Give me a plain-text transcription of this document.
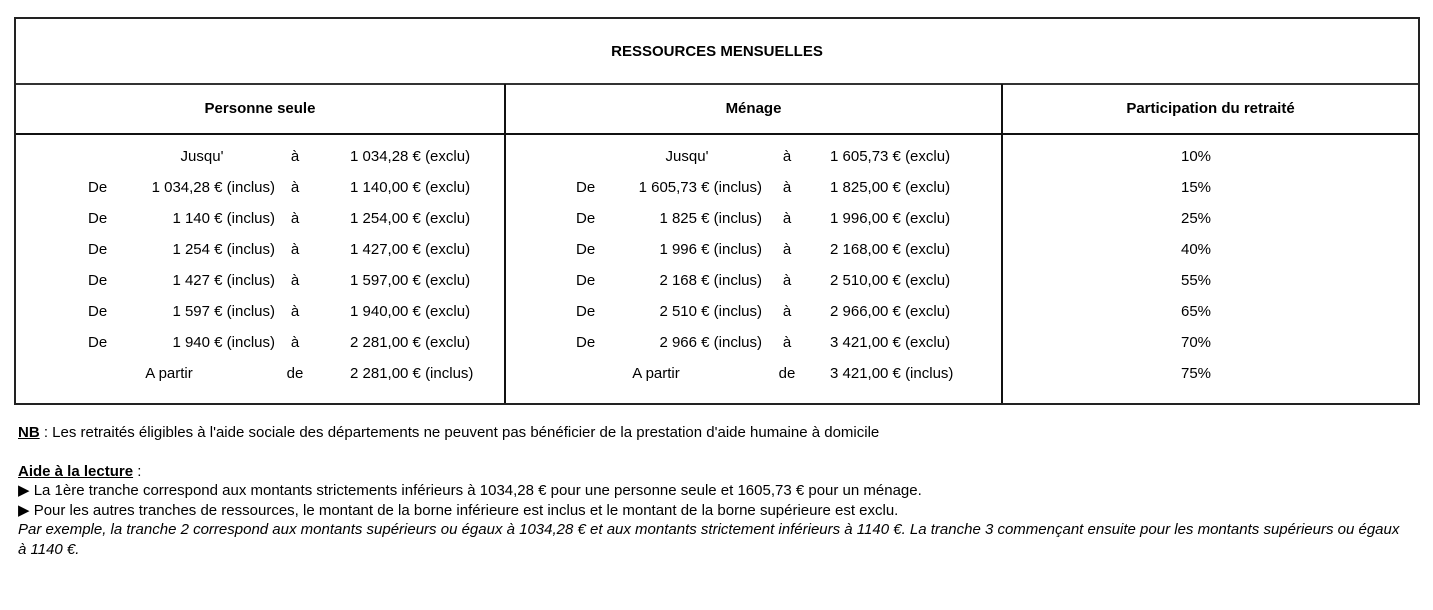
RESSOURCES MENSUELLES
Personne seule	Ménage	Participation du retraité
Jusqu'	à	1 034,28 € (exclu)	Jusqu'	à	1 605,73 € (exclu)	10%
De	1 034,28 € (inclus)	à	1 140,00 € (exclu)	De	1 605,73 € (inclus)	à	1 825,00 € (exclu)	15%
De	1 140 € (inclus)	à	1 254,00 € (exclu)	De	1 825 € (inclus)	à	1 996,00 € (exclu)	25%
De	1 254 € (inclus)	à	1 427,00 € (exclu)	De	1 996 € (inclus)	à	2 168,00 € (exclu)	40%
De	1 427 € (inclus)	à	1 597,00 € (exclu)	De	2 168 € (inclus)	à	2 510,00 € (exclu)	55%
De	1 597 € (inclus)	à	1 940,00 € (exclu)	De	2 510 € (inclus)	à	2 966,00 € (exclu)	65%
De	1 940 € (inclus)	à	2 281,00 € (exclu)	De	2 966 € (inclus)	à	3 421,00 € (exclu)	70%
A partir	de	2 281,00 € (inclus)	A partir	de	3 421,00 € (inclus)	75%

NB : Les retraités éligibles à l'aide sociale des départements ne peuvent pas bénéficier de la prestation d'aide humaine à domicile

Aide à la lecture :

▶ La 1ère tranche correspond aux montants strictements inférieurs à 1034,28 € pour une personne seule et 1605,73 € pour un ménage.

▶ Pour les autres tranches de ressources, le montant de la borne inférieure est inclus et le montant de la borne supérieure est exclu.

Par exemple, la tranche 2 correspond aux montants supérieurs ou égaux à 1034,28 € et aux montants strictement inférieurs à 1140 €. La tranche 3 commençant ensuite pour les montants supérieurs ou égaux à 1140 €.
